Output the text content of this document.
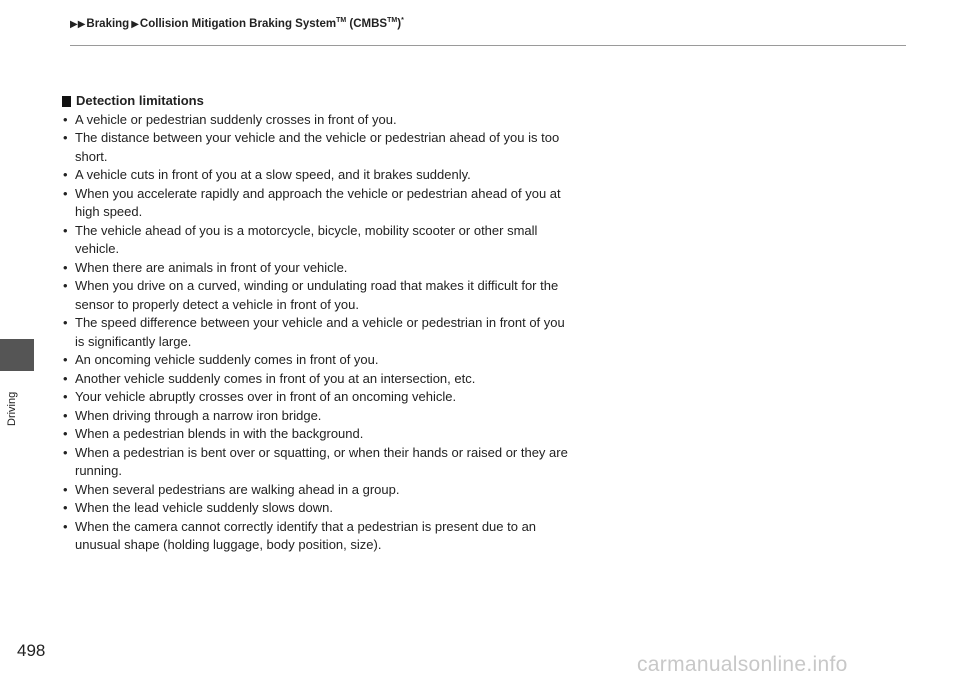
▶▶Braking ▶Collision Mitigation Braking System™ (CMBS™)*
Driving
Detection limitations
• A vehicle or pedestrian suddenly crosses in front of you.
• The distance between your vehicle and the vehicle or pedestrian ahead of you is too short.
• A vehicle cuts in front of you at a slow speed, and it brakes suddenly.
• When you accelerate rapidly and approach the vehicle or pedestrian ahead of you at high speed.
• The vehicle ahead of you is a motorcycle, bicycle, mobility scooter or other small vehicle.
• When there are animals in front of your vehicle.
• When you drive on a curved, winding or undulating road that makes it difficult for the sensor to properly detect a vehicle in front of you.
• The speed difference between your vehicle and a vehicle or pedestrian in front of you is significantly large.
• An oncoming vehicle suddenly comes in front of you.
• Another vehicle suddenly comes in front of you at an intersection, etc.
• Your vehicle abruptly crosses over in front of an oncoming vehicle.
• When driving through a narrow iron bridge.
• When a pedestrian blends in with the background.
• When a pedestrian is bent over or squatting, or when their hands or raised or they are running.
• When several pedestrians are walking ahead in a group.
• When the lead vehicle suddenly slows down.
• When the camera cannot correctly identify that a pedestrian is present due to an unusual shape (holding luggage, body position, size).
498
carmanualsonline.info
